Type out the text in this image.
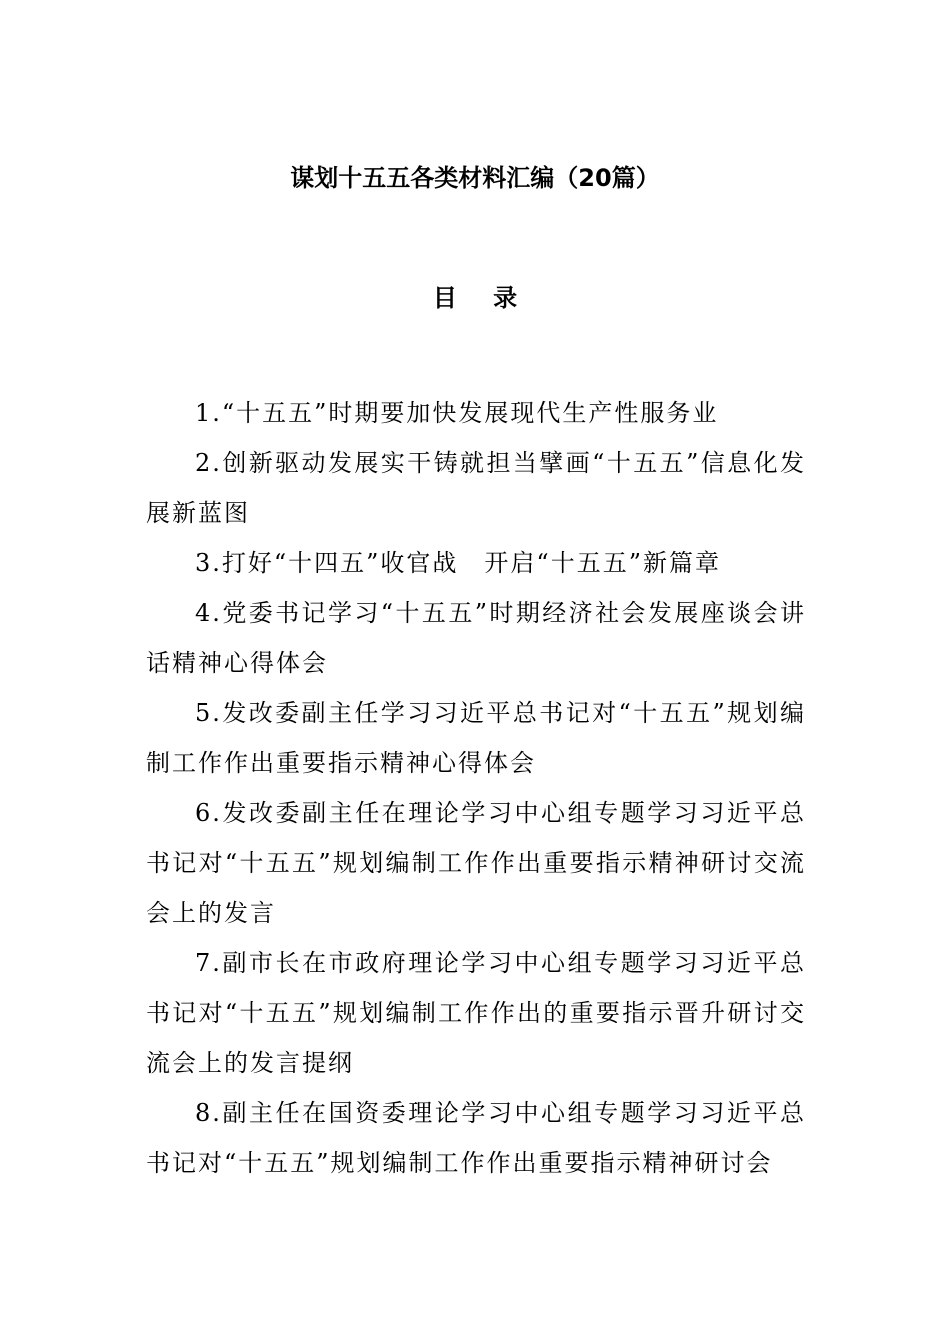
谋划十五五各类材料汇编（20篇）
目 录
1.“十五五”时期要加快发展现代生产性服务业
2.创新驱动发展实干铸就担当擘画“十五五”信息化发展新蓝图
3.打好“十四五”收官战　开启“十五五”新篇章
4.党委书记学习“十五五”时期经济社会发展座谈会讲话精神心得体会
5.发改委副主任学习习近平总书记对“十五五”规划编制工作作出重要指示精神心得体会
6.发改委副主任在理论学习中心组专题学习习近平总书记对“十五五”规划编制工作作出重要指示精神研讨交流会上的发言
7.副市长在市政府理论学习中心组专题学习习近平总书记对“十五五”规划编制工作作出的重要指示晋升研讨交流会上的发言提纲
8.副主任在国资委理论学习中心组专题学习习近平总书记对“十五五”规划编制工作作出重要指示精神研讨会
